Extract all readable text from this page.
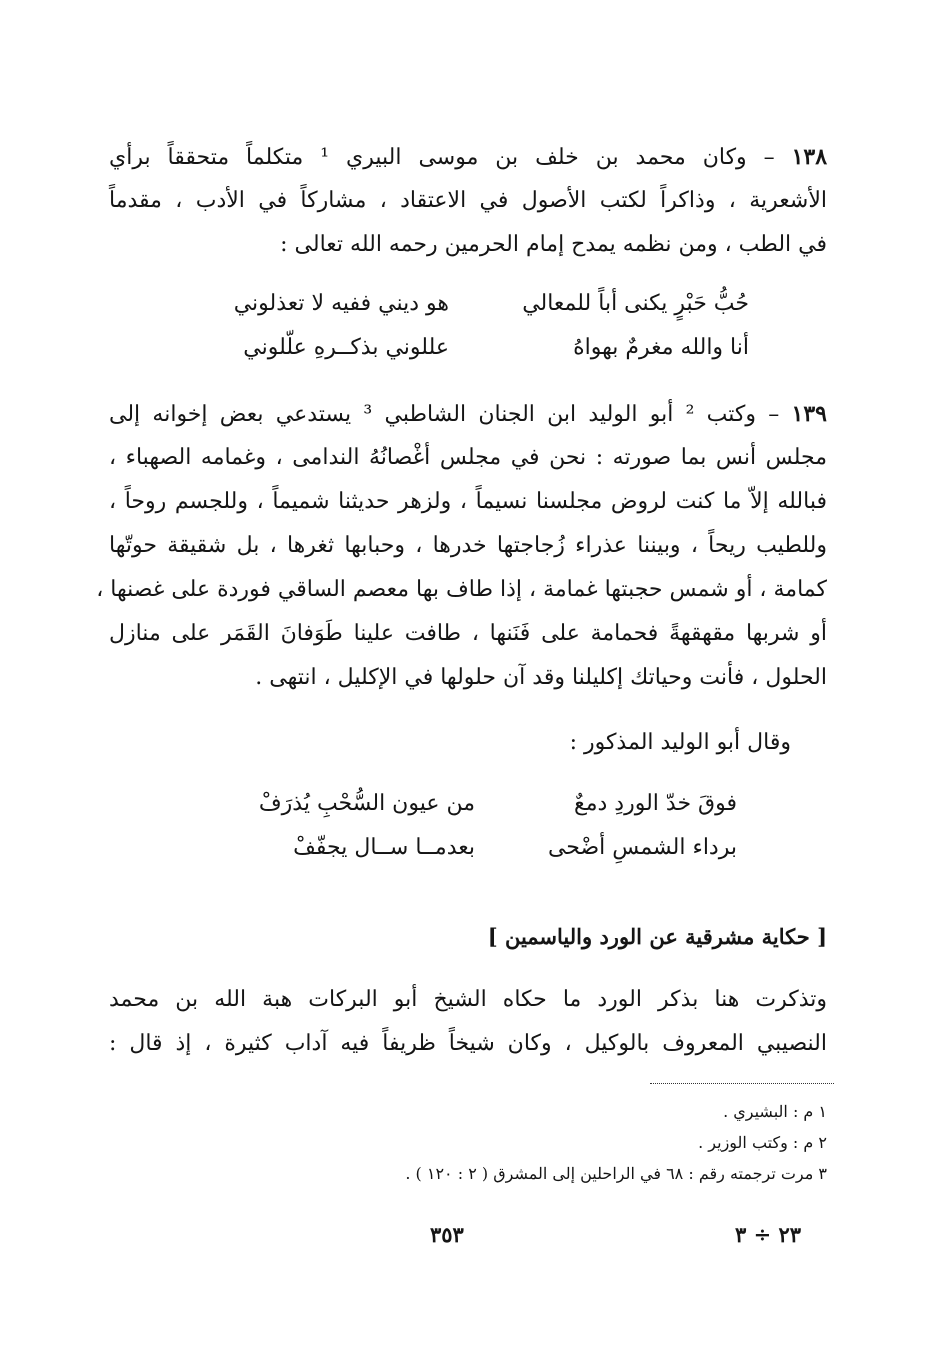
١٣٨ – وكان محمد بن خلف بن موسى البيري ¹ متكلماً متحققاً برأي
الأشعرية ، وذاكراً لكتب الأصول في الاعتقاد ، مشاركاً في الأدب ، مقدماً
في الطب ، ومن نظمه يمدح إمام الحرمين رحمه الله تعالى :
حُبُّ حَبْرٍ يكنى أباً للمعالي
هو ديني ففيه لا تعذلوني
أنا والله مغرمٌ بهواهُ
عللوني بذكــرهِ علّلوني
١٣٩ – وكتب ² أبو الوليد ابن الجنان الشاطبي ³ يستدعي بعض إخوانه إلى
مجلس أنس بما صورته : نحن في مجلس أغْصانُهُ الندامى ، وغمامه الصهباء ،
فبالله إلاّ ما كنت لروض مجلسنا نسيماً ، ولزهر حديثنا شميماً ، وللجسم روحاً ،
وللطيب ريحاً ، وبيننا عذراء زُجاجتها خدرها ، وحبابها ثغرها ، بل شقيقة حوتّها
كمامة ، أو شمس حجبتها غمامة ، إذا طاف بها معصم الساقي فوردة على غصنها ،
أو شربها مقهقهةً فحمامة على فَنَنها ، طافت علينا طَوَفانَ القَمَر على منازل
الحلول ، فأنت وحياتك إكليلنا وقد آن حلولها في الإكليل ، انتهى .
وقال أبو الوليد المذكور :
فوقَ خدّ الوردِ دمعٌ
من عيون السُّحْبِ يُذرَفْ
برداء الشمسِ أضْحى
بعدمــا ســال يجفّفْ
[ حكاية مشرقية عن الورد والياسمين ]
وتذكرت هنا بذكر الورد ما حكاه الشيخ أبو البركات هبة الله بن محمد
النصيبي المعروف بالوكيل ، وكان شيخاً ظريفاً فيه آداب كثيرة ، إذ قال :
١ م : البشيري .
٢ م : وكتب الوزير .
٣ مرت ترجمته رقم : ٦٨ في الراحلين إلى المشرق ( ٢ : ١٢٠ ) .
٣٥٣	٢٣ ÷ ٣
